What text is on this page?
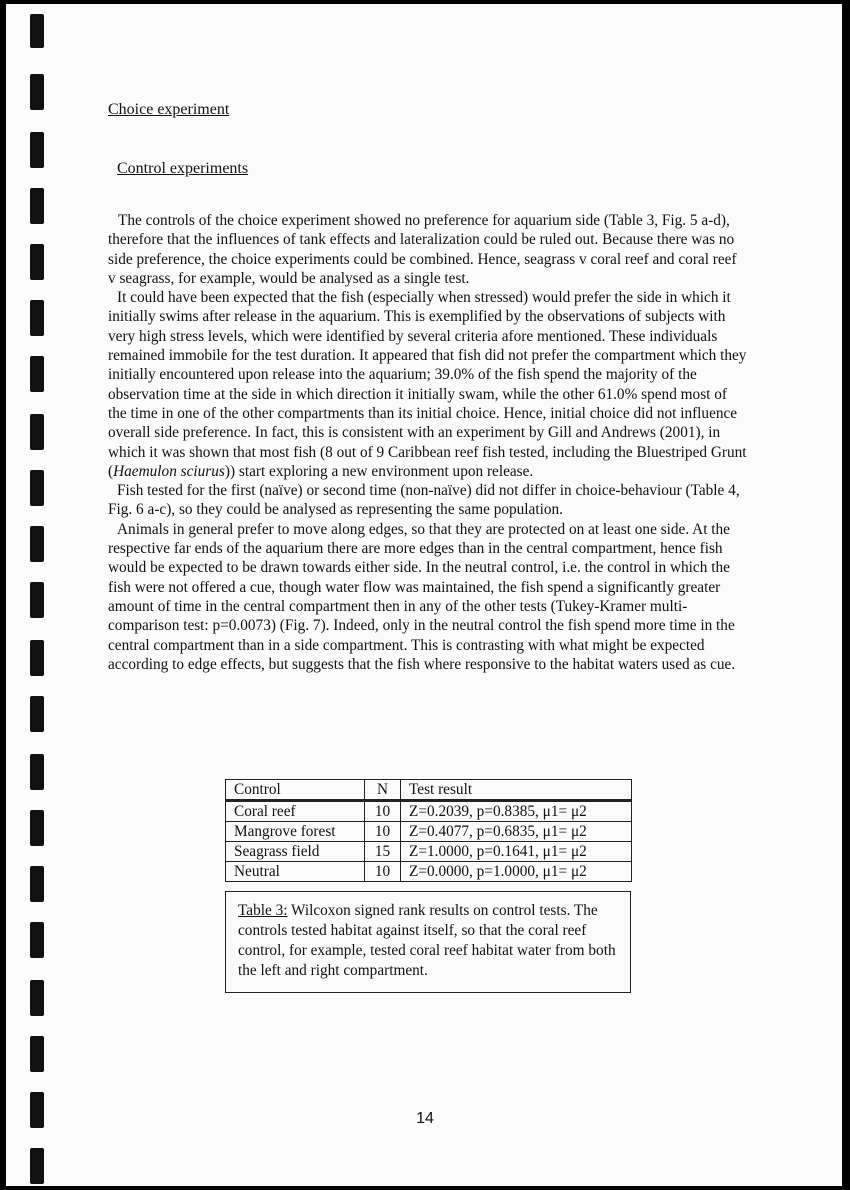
Choice experiment
Control experiments

The controls of the choice experiment showed no preference for aquarium side (Table 3, Fig. 5 a-d), therefore that the influences of tank effects and lateralization could be ruled out. Because there was no side preference, the choice experiments could be combined. Hence, seagrass v coral reef and coral reef v seagrass, for example, would be analysed as a single test.

It could have been expected that the fish (especially when stressed) would prefer the side in which it initially swims after release in the aquarium. This is exemplified by the observations of subjects with very high stress levels, which were identified by several criteria afore mentioned. These individuals remained immobile for the test duration. It appeared that fish did not prefer the compartment which they initially encountered upon release into the aquarium; 39.0% of the fish spend the majority of the observation time at the side in which direction it initially swam, while the other 61.0% spend most of the time in one of the other compartments than its initial choice. Hence, initial choice did not influence overall side preference. In fact, this is consistent with an experiment by Gill and Andrews (2001), in which it was shown that most fish (8 out of 9 Caribbean reef fish tested, including the Bluestriped Grunt (Haemulon sciurus)) start exploring a new environment upon release.

Fish tested for the first (naïve) or second time (non-naïve) did not differ in choice-behaviour (Table 4, Fig. 6 a-c), so they could be analysed as representing the same population.

Animals in general prefer to move along edges, so that they are protected on at least one side. At the respective far ends of the aquarium there are more edges than in the central compartment, hence fish would be expected to be drawn towards either side. In the neutral control, i.e. the control in which the fish were not offered a cue, though water flow was maintained, the fish spend a significantly greater amount of time in the central compartment then in any of the other tests (Tukey-Kramer multi-comparison test: p=0.0073) (Fig. 7). Indeed, only in the neutral control the fish spend more time in the central compartment than in a side compartment. This is contrasting with what might be expected according to edge effects, but suggests that the fish where responsive to the habitat waters used as cue.

Control	N	Test result
Coral reef	10	Z=0.2039, p=0.8385, μ1= μ2
Mangrove forest	10	Z=0.4077, p=0.6835, μ1= μ2
Seagrass field	15	Z=1.0000, p=0.1641, μ1= μ2
Neutral	10	Z=0.0000, p=1.0000, μ1= μ2
Table 3: Wilcoxon signed rank results on control tests. The controls tested habitat against itself, so that the coral reef control, for example, tested coral reef habitat water from both the left and right compartment.
14
